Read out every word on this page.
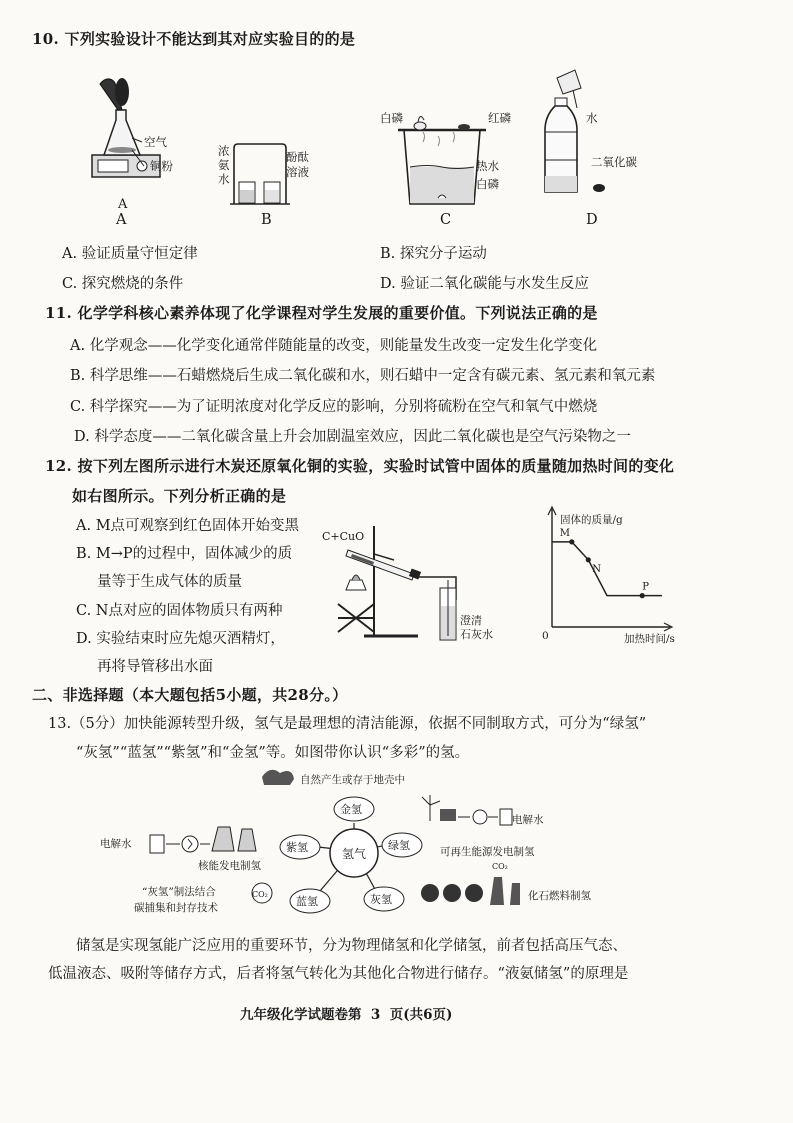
10. 下列实验设计不能达到其对应实验目的的是
A
空气
铜粉
浓
氨
水
酚酞
溶液
B
白磷	红磷
热水
白磷
C
水
二氧化碳
D
A
A. 验证质量守恒定律	B. 探究分子运动
C. 探究燃烧的条件	D. 验证二氧化碳能与水发生反应
11. 化学学科核心素养体现了化学课程对学生发展的重要价值。下列说法正确的是
A. 化学观念——化学变化通常伴随能量的改变，则能量发生改变一定发生化学变化
B. 科学思维——石蜡燃烧后生成二氧化碳和水，则石蜡中一定含有碳元素、氢元素和氧元素
C. 科学探究——为了证明浓度对化学反应的影响，分别将硫粉在空气和氧气中燃烧
D. 科学态度——二氧化碳含量上升会加剧温室效应，因此二氧化碳也是空气污染物之一
12. 按下列左图所示进行木炭还原氧化铜的实验，实验时试管中固体的质量随加热时间的变化
如右图所示。下列分析正确的是
A. M点可观察到红色固体开始变黑
B. M→P的过程中，固体减少的质
量等于生成气体的质量
C. N点对应的固体物质只有两种
D. 实验结束时应先熄灭酒精灯，
再将导管移出水面
C+CuO
澄清
石灰水
固体的质量/g
加热时间/s
0
M
N
P
二、非选择题（本大题包括5小题，共28分。）
13.（5分）加快能源转型升级，氢气是最理想的清洁能源，依据不同制取方式，可分为“绿氢”
“灰氢”“蓝氢”“紫氢”和“金氢”等。如图带你认识“多彩”的氢。
氢气
金氢
绿氢
紫氢
蓝氢	灰氢
自然产生或存于地壳中
电解水
核能发电制氢
“灰氢”制法结合
碳捕集和封存技术
CO₂
电解水
可再生能源发电制氢
CO₂
化石燃料制氢
储氢是实现氢能广泛应用的重要环节，分为物理储氢和化学储氢，前者包括高压气态、
低温液态、吸附等储存方式，后者将氢气转化为其他化合物进行储存。“液氨储氢”的原理是
九年级化学试题卷第  3  页(共6页)
